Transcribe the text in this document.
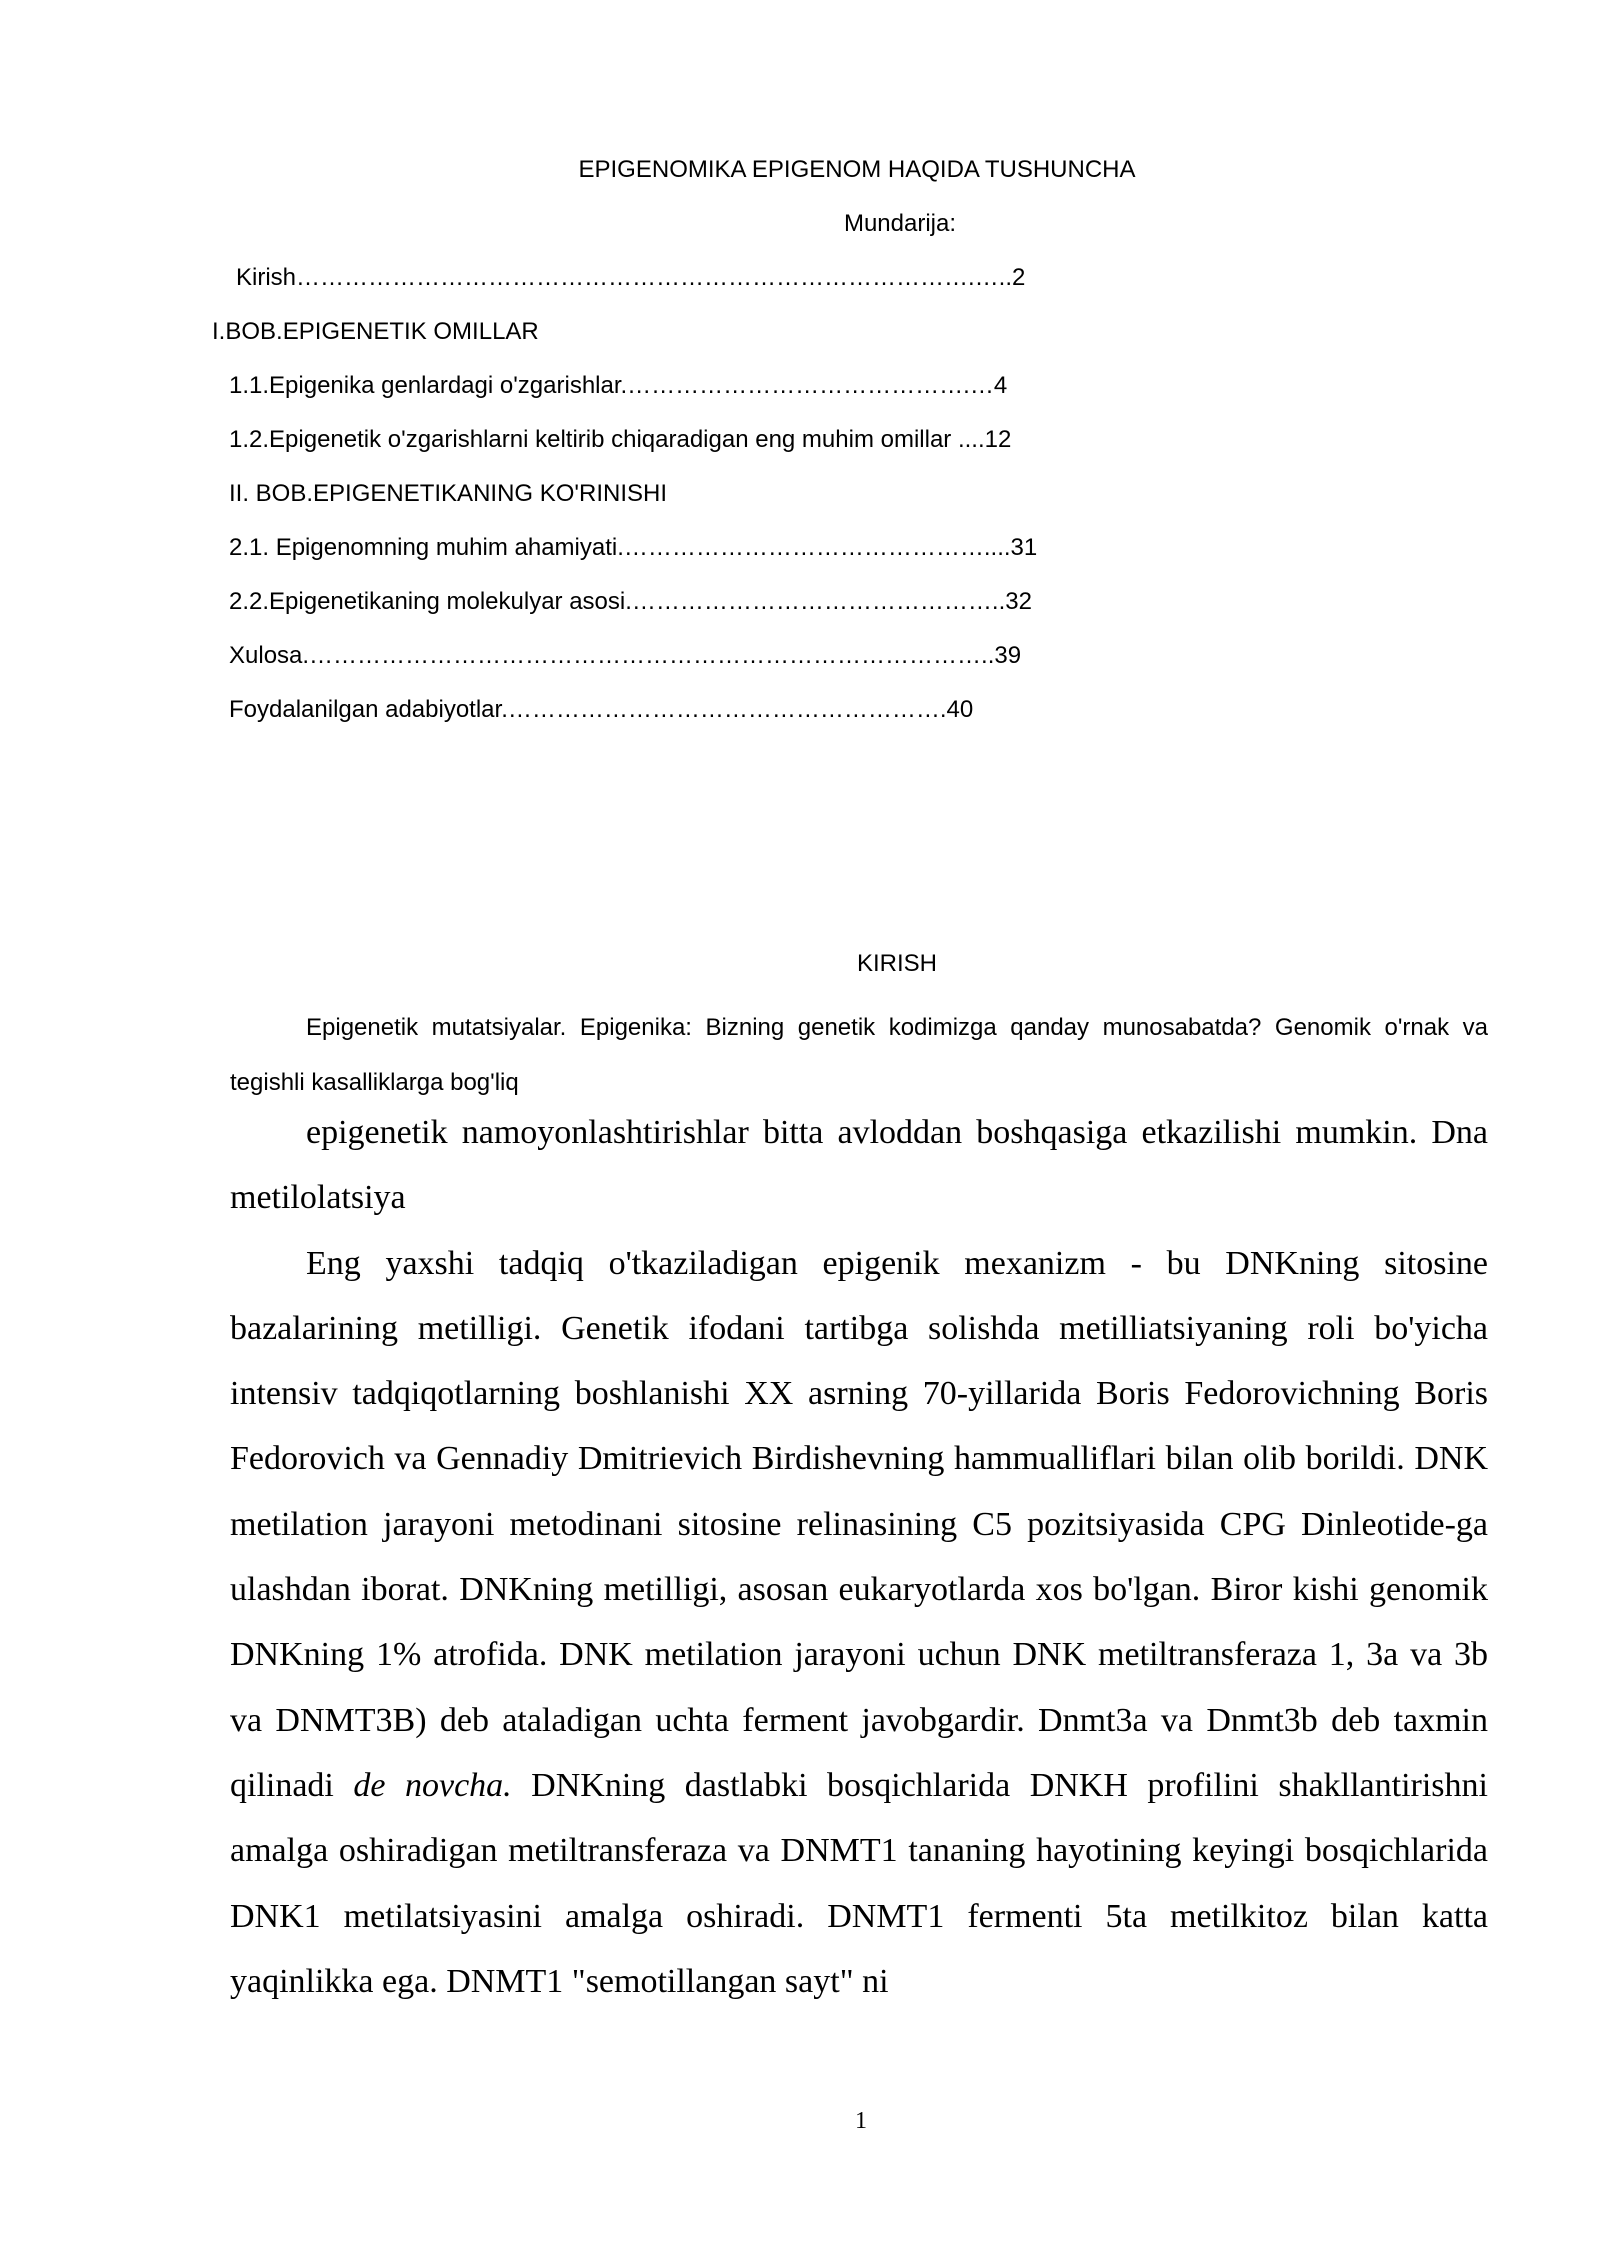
EPIGENOMIKA EPIGENOM HAQIDA TUSHUNCHA
Mundarija:
Kirish………………………………………………………………………….…..2
I.BOB.EPIGENETIK OMILLAR
1.1.Epigenika genlardagi o'zgarishlar.…………………………………….…4
1.2.Epigenetik o'zgarishlarni keltirib chiqaradigan eng muhim omillar ....12
II. BOB.EPIGENETIKANING KO'RINISHI
2.1. Epigenomning muhim ahamiyati.………………………………………....31
2.2.Epigenetikaning molekulyar asosi.………………………………………..32
Xulosa.…………………………………………………………………………..39
Foydalanilgan adabiyotlar.……………………………………………….40
KIRISH

Epigenetik mutatsiyalar. Epigenika: Bizning genetik kodimizga qanday munosabatda? Genomik o'rnak va tegishli kasalliklarga bog'liq

epigenetik namoyonlashtirishlar bitta avloddan boshqasiga etkazilishi mumkin. Dna metilolatsiya

Eng yaxshi tadqiq o'tkaziladigan epigenik mexanizm - bu DNKning sitosine bazalarining metilligi. Genetik ifodani tartibga solishda metilliatsiyaning roli bo'yicha intensiv tadqiqotlarning boshlanishi XX asrning 70-yillarida Boris Fedorovichning Boris Fedorovich va Gennadiy Dmitrievich Birdishevning hammualliflari bilan olib borildi. DNK metilation jarayoni metodinani sitosine relinasining C5 pozitsiyasida CPG Dinleotide-ga ulashdan iborat. DNKning metilligi, asosan eukaryotlarda xos bo'lgan. Biror kishi genomik DNKning 1% atrofida. DNK metilation jarayoni uchun DNK metiltransferaza 1, 3a va 3b va DNMT3B) deb ataladigan uchta ferment javobgardir. Dnmt3a va Dnmt3b deb taxmin qilinadi de novcha. DNKning dastlabki bosqichlarida DNKH profilini shakllantirishni amalga oshiradigan metiltransferaza va DNMT1 tananing hayotining keyingi bosqichlarida DNK1 metilatsiyasini amalga oshiradi. DNMT1 fermenti 5ta metilkitoz bilan katta yaqinlikka ega. DNMT1 "semotillangan sayt" ni

1
